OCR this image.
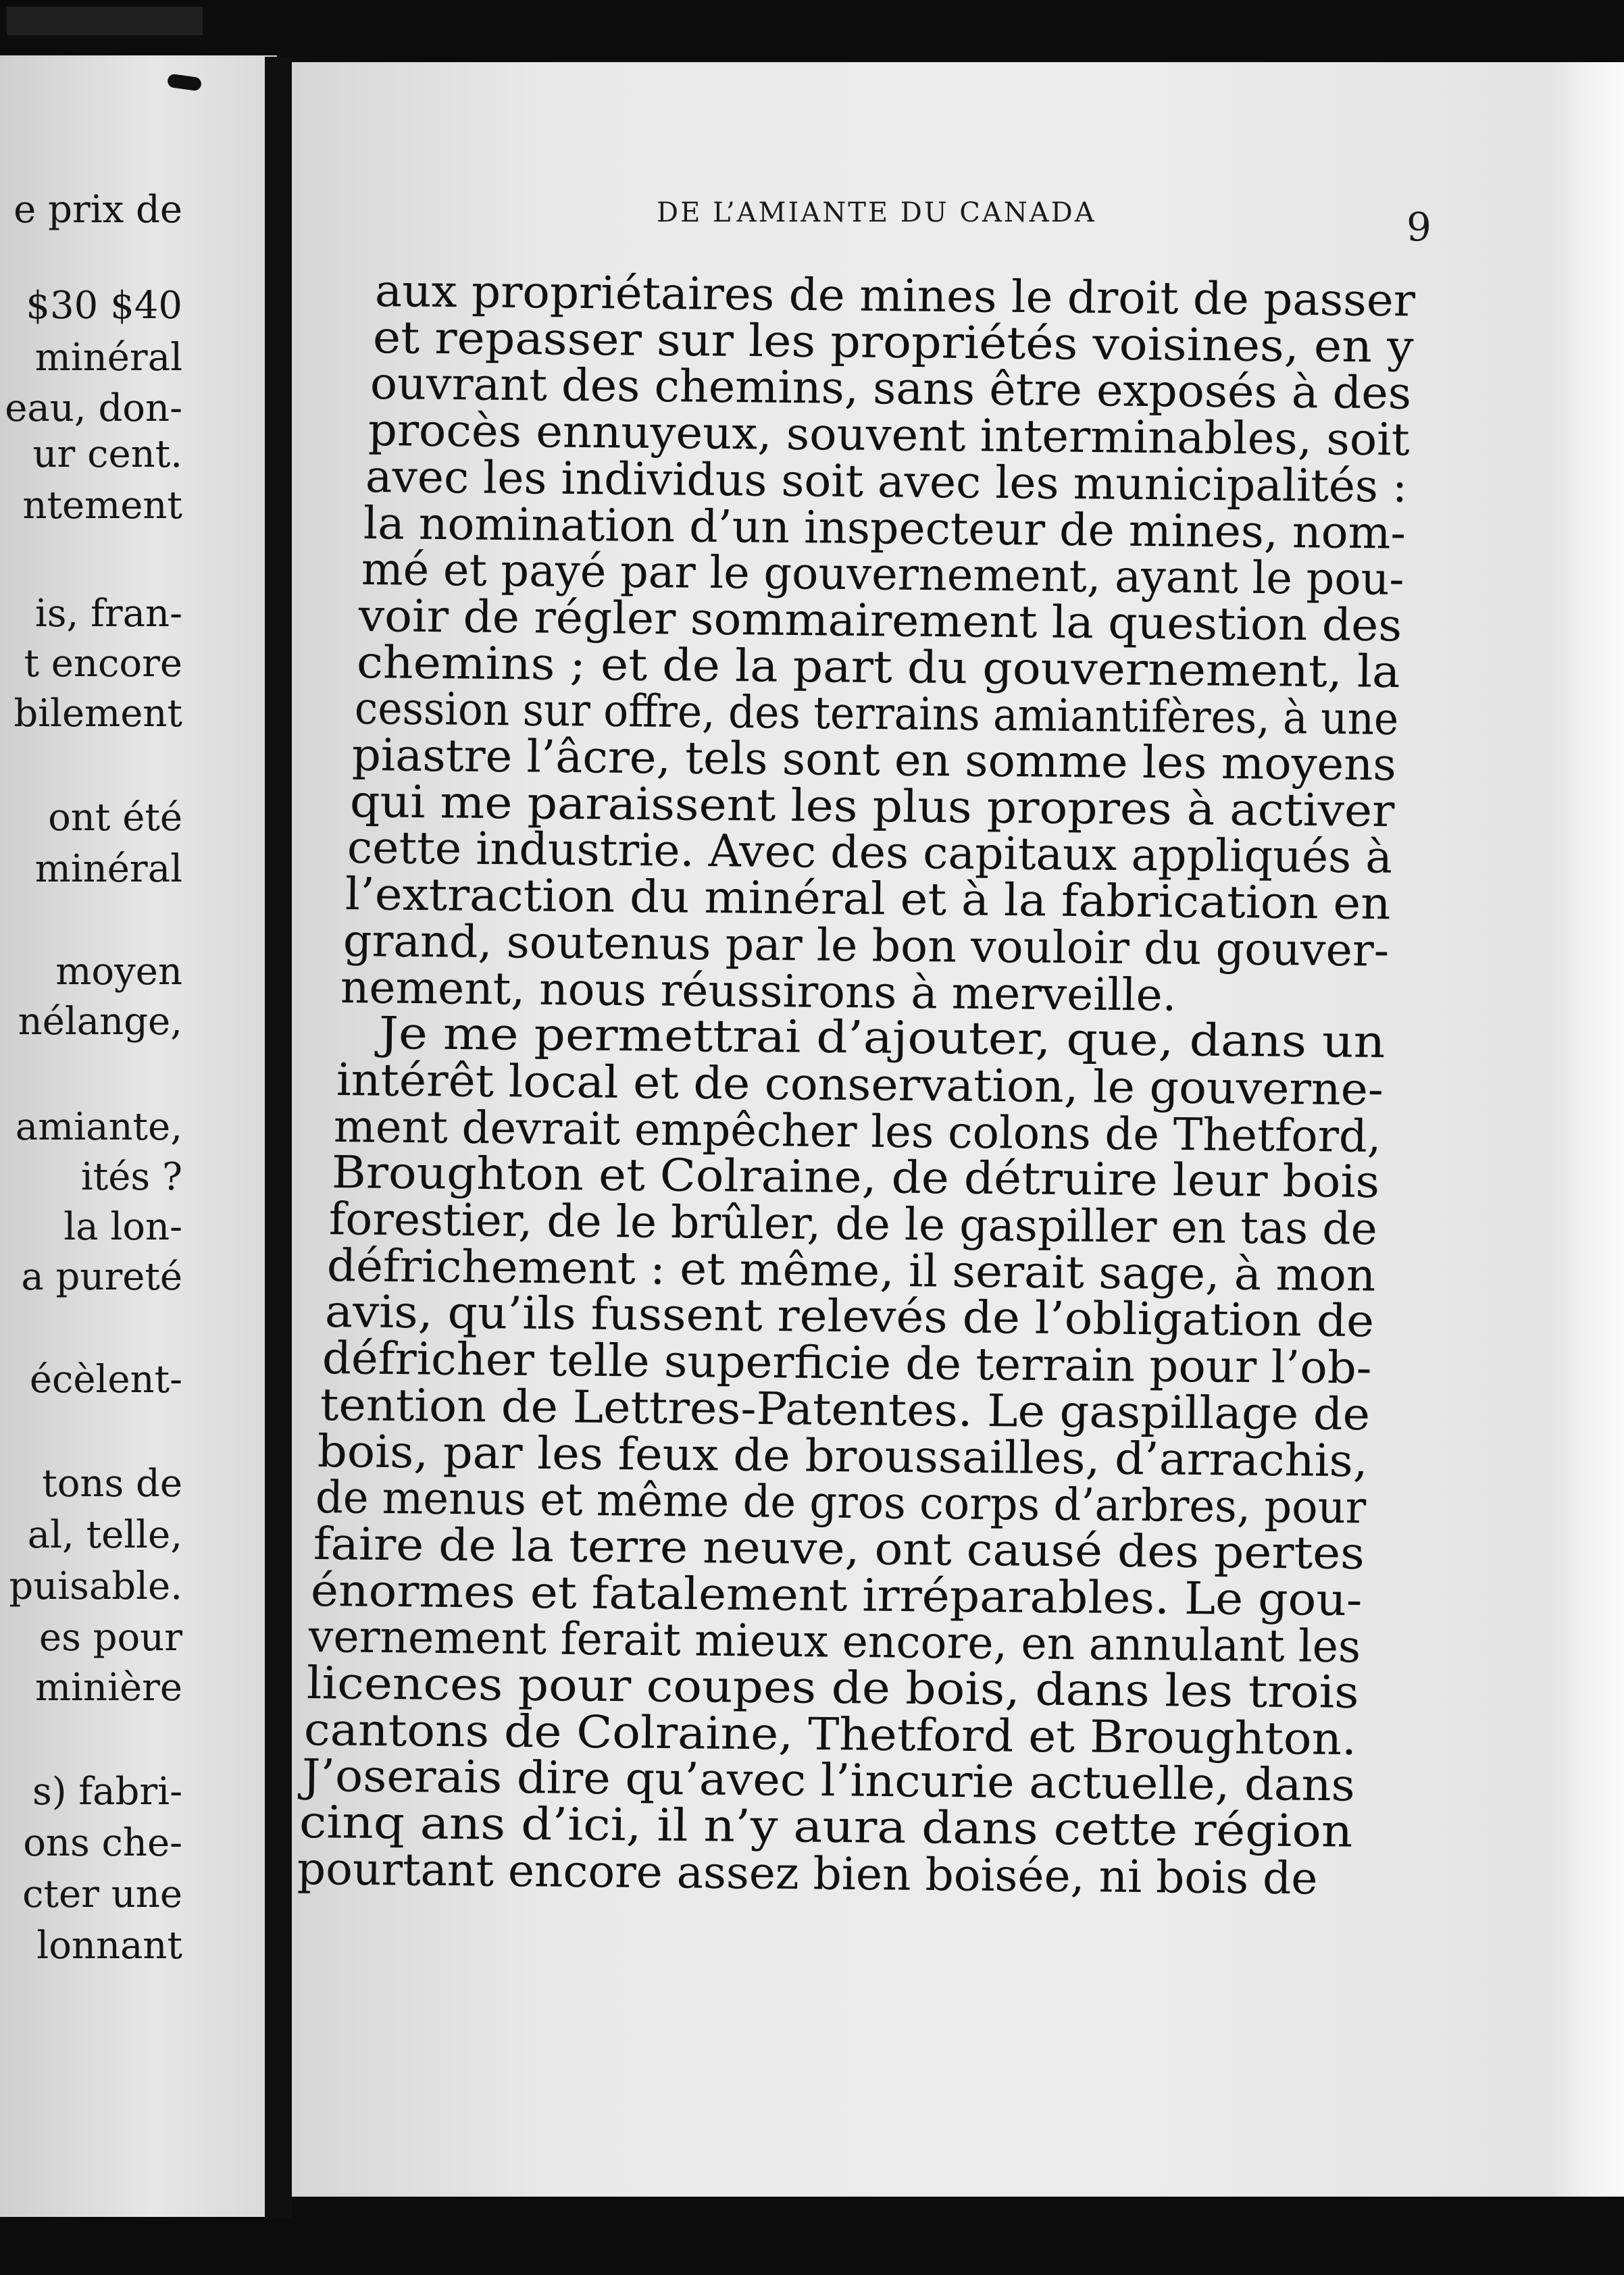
e prix de
$30 $40
minéral
eau, don-
ur cent.
ntement
is, fran-
t encore
bilement
ont été
minéral
moyen
nélange,
amiante,
ités ?
la lon-
a pureté
écèlent-
tons de
al, telle,
puisable.
es pour
minière
s) fabri-
ons che-
cter une
lonnant
DE L’AMIANTE DU CANADA	9
aux propriétaires de mines le droit de passer
et repasser sur les propriétés voisines, en y
ouvrant des chemins, sans être exposés à des
procès ennuyeux, souvent interminables, soit
avec les individus soit avec les municipalités :
la nomination d’un inspecteur de mines, nom-
mé et payé par le gouvernement, ayant le pou-
voir de régler sommairement la question des
chemins ; et de la part du gouvernement, la
cession sur offre, des terrains amiantifères, à une
piastre l’âcre, tels sont en somme les moyens
qui me paraissent les plus propres à activer
cette industrie. Avec des capitaux appliqués à
l’extraction du minéral et à la fabrication en
grand, soutenus par le bon vouloir du gouver-
nement, nous réussirons à merveille.
Je me permettrai d’ajouter, que, dans un
intérêt local et de conservation, le gouverne-
ment devrait empêcher les colons de Thetford,
Broughton et Colraine, de détruire leur bois
forestier, de le brûler, de le gaspiller en tas de
défrichement : et même, il serait sage, à mon
avis, qu’ils fussent relevés de l’obligation de
défricher telle superficie de terrain pour l’ob-
tention de Lettres-Patentes. Le gaspillage de
bois, par les feux de broussailles, d’arrachis,
de menus et même de gros corps d’arbres, pour
faire de la terre neuve, ont causé des pertes
énormes et fatalement irréparables. Le gou-
vernement ferait mieux encore, en annulant les
licences pour coupes de bois, dans les trois
cantons de Colraine, Thetford et Broughton.
J’oserais dire qu’avec l’incurie actuelle, dans
cinq ans d’ici, il n’y aura dans cette région
pourtant encore assez bien boisée, ni bois de
